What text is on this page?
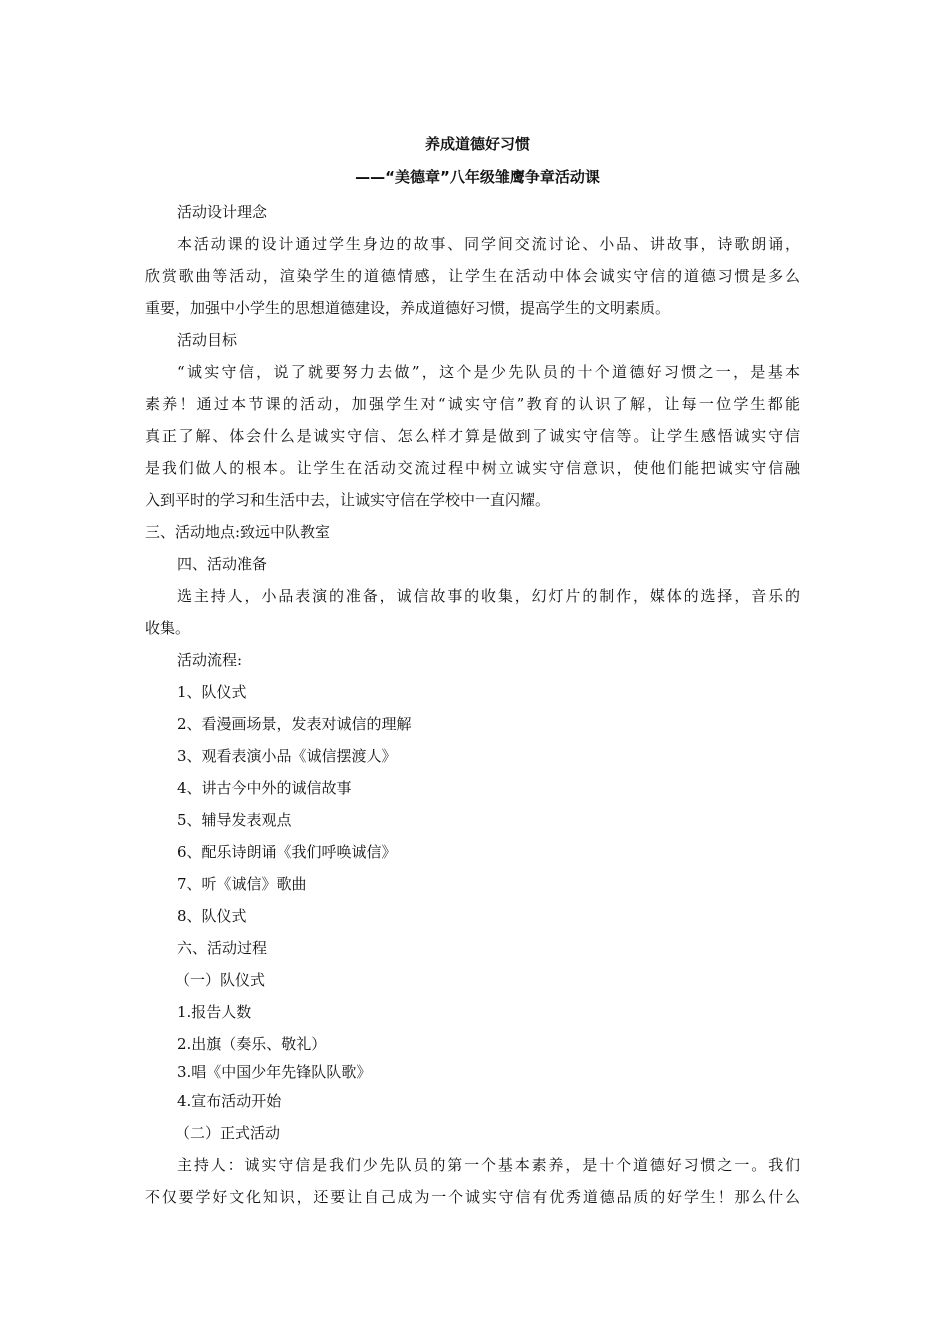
养成道德好习惯
——“美德章”八年级雏鹰争章活动课
活动设计理念
本活动课的设计通过学生身边的故事、同学间交流讨论、小品、讲故事，诗歌朗诵，
欣赏歌曲等活动，渲染学生的道德情感，让学生在活动中体会诚实守信的道德习惯是多么
重要，加强中小学生的思想道德建设，养成道德好习惯，提高学生的文明素质。
活动目标
“诚实守信，说了就要努力去做”，这个是少先队员的十个道德好习惯之一，是基本
素养！通过本节课的活动，加强学生对“诚实守信”教育的认识了解，让每一位学生都能
真正了解、体会什么是诚实守信、怎么样才算是做到了诚实守信等。让学生感悟诚实守信
是我们做人的根本。让学生在活动交流过程中树立诚实守信意识，使他们能把诚实守信融
入到平时的学习和生活中去，让诚实守信在学校中一直闪耀。
三、活动地点:致远中队教室
四、活动准备
选主持人，小品表演的准备，诚信故事的收集，幻灯片的制作，媒体的选择，音乐的
收集。
活动流程:
1、队仪式
2、看漫画场景，发表对诚信的理解
3、观看表演小品《诚信摆渡人》
4、讲古今中外的诚信故事
5、辅导发表观点
6、配乐诗朗诵《我们呼唤诚信》
7、听《诚信》歌曲
8、队仪式
六、活动过程
（一）队仪式
1.报告人数
2.出旗（奏乐、敬礼）
3.唱《中国少年先锋队队歌》
4.宣布活动开始
（二）正式活动
主持人：诚实守信是我们少先队员的第一个基本素养，是十个道德好习惯之一。我们
不仅要学好文化知识，还要让自己成为一个诚实守信有优秀道德品质的好学生！那么什么
